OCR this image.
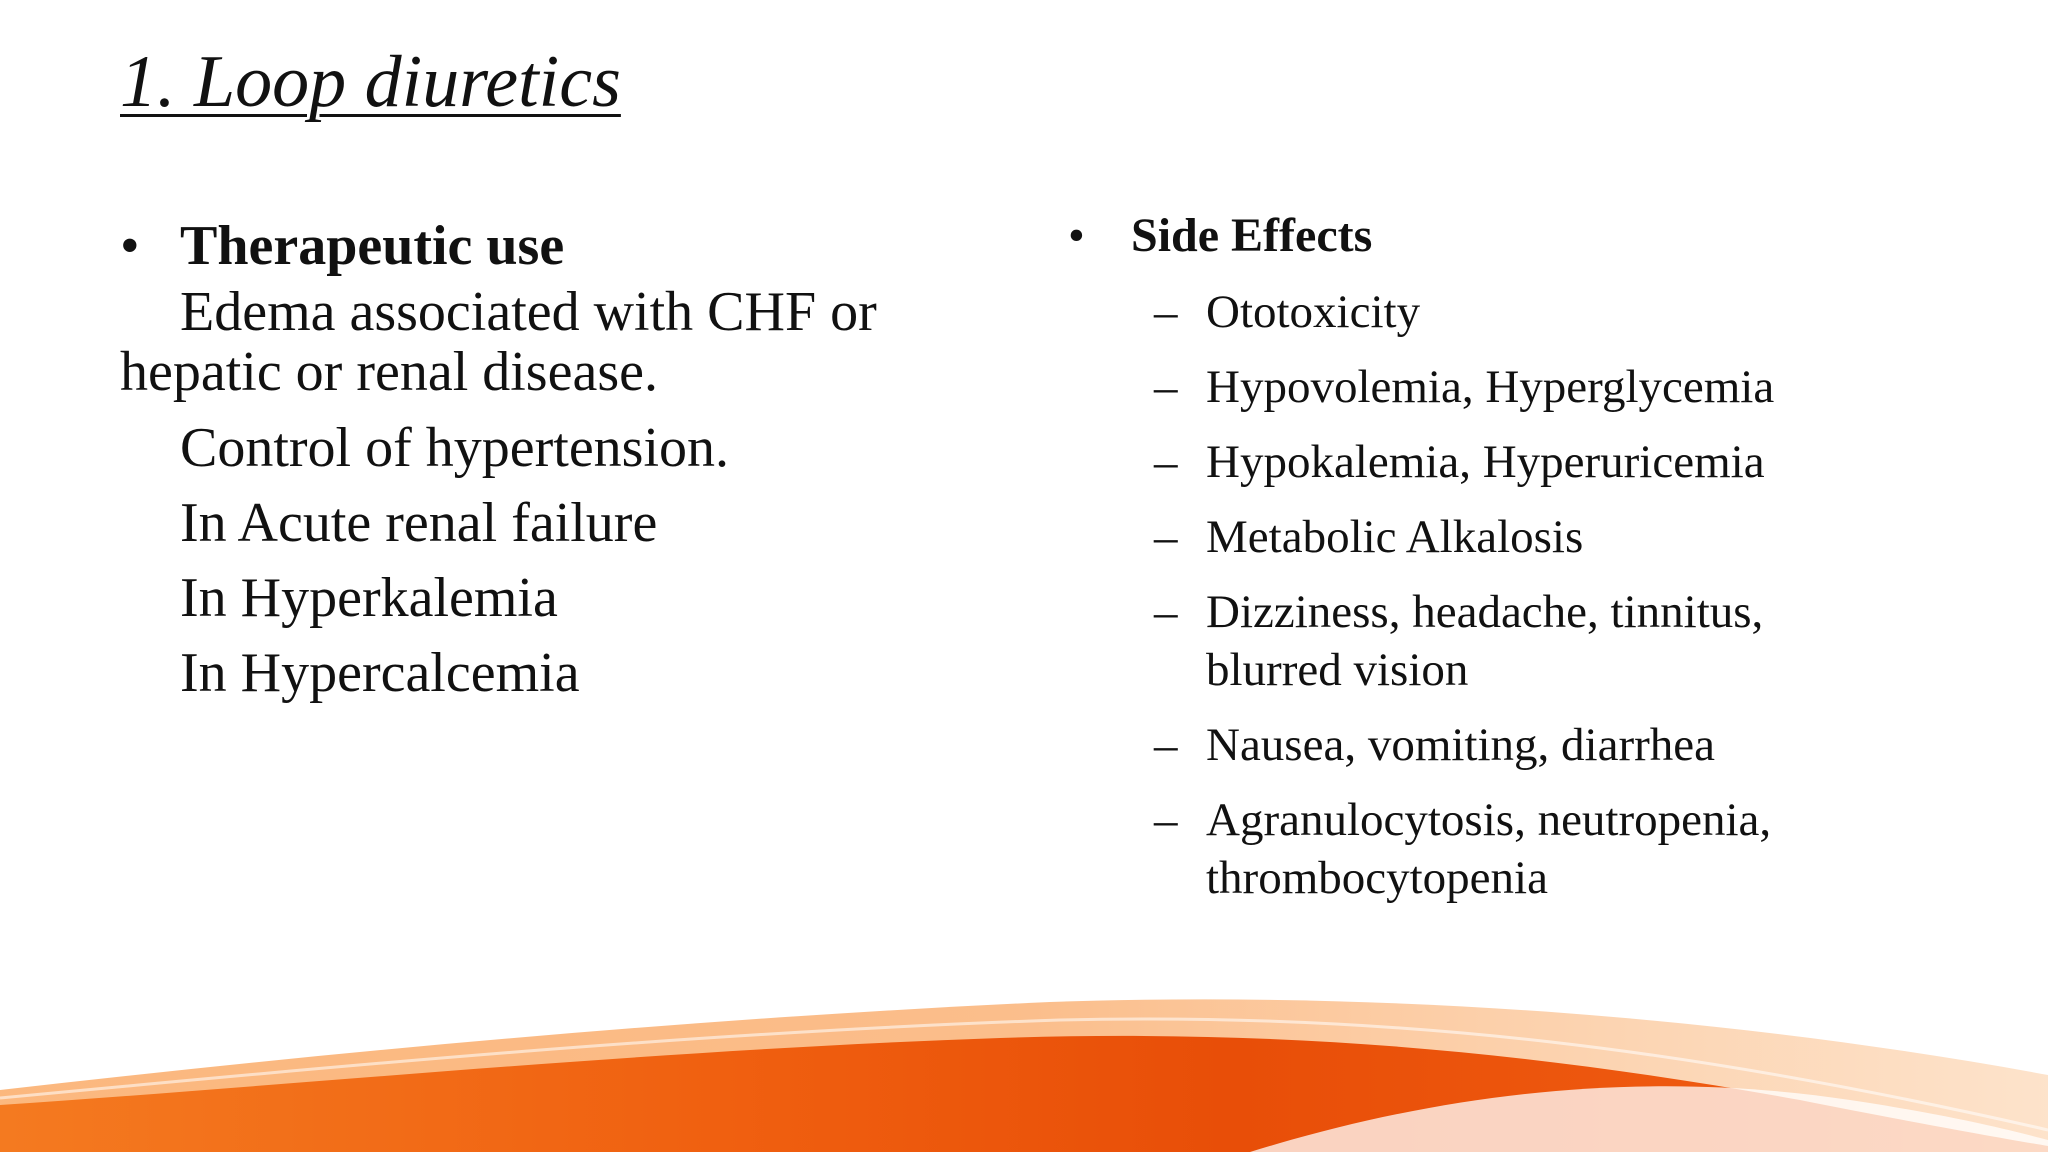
1. Loop diuretics
• Therapeutic use
Edema associated with CHF or
hepatic or renal disease.
Control of hypertension.
In Acute renal failure
In Hyperkalemia
In Hypercalcemia
• Side Effects
– Ototoxicity
– Hypovolemia, Hyperglycemia
– Hypokalemia, Hyperuricemia
– Metabolic Alkalosis
– Dizziness, headache, tinnitus,
blurred vision
– Nausea, vomiting, diarrhea
– Agranulocytosis, neutropenia,
thrombocytopenia
